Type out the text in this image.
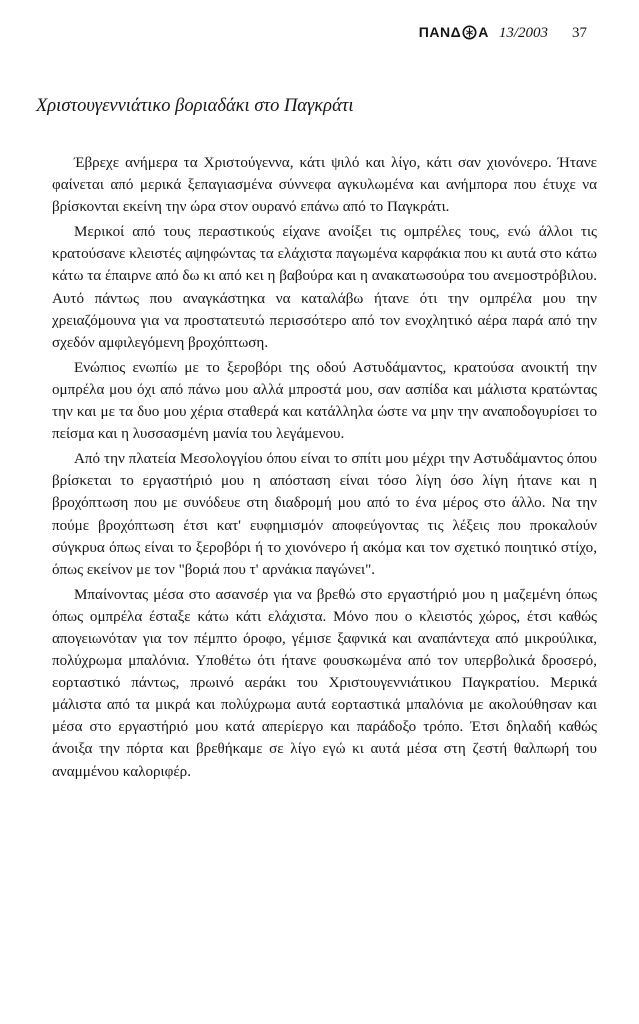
ΠΑΝΔ Α 13/2003 37
Χριστουγεννιάτικο βοριαδάκι στο Παγκράτι

Έβρεχε ανήμερα τα Χριστούγεννα, κάτι ψιλό και λίγο, κάτι σαν χιονόνερο. Ήτανε φαίνεται από μερικά ξεπαγιασμένα σύννεφα αγκυλωμένα και ανήμπορα που έτυχε να βρίσκονται εκείνη την ώρα στον ουρανό επάνω από το Παγκράτι.

Μερικοί από τους περαστικούς είχανε ανοίξει τις ομπρέλες τους, ενώ άλλοι τις κρατούσανε κλειστές αψηφώντας τα ελάχιστα παγωμένα καρφάκια που κι αυτά στο κάτω κάτω τα έπαιρνε από δω κι από κει η βαβούρα και η ανακατωσούρα του ανεμοστρόβιλου. Αυτό πάντως που αναγκάστηκα να καταλάβω ήτανε ότι την ομπρέλα μου την χρειαζόμουνα για να προστατευτώ περισσότερο από τον ενοχλητικό αέρα παρά από την σχεδόν αμφιλεγόμενη βροχόπτωση.

Ενώπιος ενωπίω με το ξεροβόρι της οδού Αστυδάμαντος, κρατούσα ανοικτή την ομπρέλα μου όχι από πάνω μου αλλά μπροστά μου, σαν ασπίδα και μάλιστα κρατώντας την και με τα δυο μου χέρια σταθερά και κατάλληλα ώστε να μην την αναποδογυρίσει το πείσμα και η λυσσασμένη μανία του λεγάμενου.

Από την πλατεία Μεσολογγίου όπου είναι το σπίτι μου μέχρι την Αστυδάμαντος όπου βρίσκεται το εργαστήριό μου η απόσταση είναι τόσο λίγη όσο λίγη ήτανε και η βροχόπτωση που με συνόδευε στη διαδρομή μου από το ένα μέρος στο άλλο. Να την πούμε βροχόπτωση έτσι κατ' ευφημισμόν αποφεύγοντας τις λέξεις που προκαλούν σύγκρυα όπως είναι το ξεροβόρι ή το χιονόνερο ή ακόμα και τον σχετικό ποιητικό στίχο, όπως εκείνον με τον "βοριά που τ' αρνάκια παγώνει".

Μπαίνοντας μέσα στο ασανσέρ για να βρεθώ στο εργαστήριό μου η μαζεμένη όπως όπως ομπρέλα έσταξε κάτω κάτι ελάχιστα. Μόνο που ο κλειστός χώρος, έτσι καθώς απογειωνόταν για τον πέμπτο όροφο, γέμισε ξαφνικά και αναπάντεχα από μικρούλικα, πολύχρωμα μπαλόνια. Υποθέτω ότι ήτανε φουσκωμένα από τον υπερβολικά δροσερό, εορταστικό πάντως, πρωινό αεράκι του Χριστουγεννιάτικου Παγκρατίου. Μερικά μάλιστα από τα μικρά και πολύχρωμα αυτά εορταστικά μπαλόνια με ακολούθησαν και μέσα στο εργαστήριό μου κατά απερίεργο και παράδοξο τρόπο. Έτσι δηλαδή καθώς άνοιξα την πόρτα και βρεθήκαμε σε λίγο εγώ κι αυτά μέσα στη ζεστή θαλπωρή του αναμμένου καλοριφέρ.
